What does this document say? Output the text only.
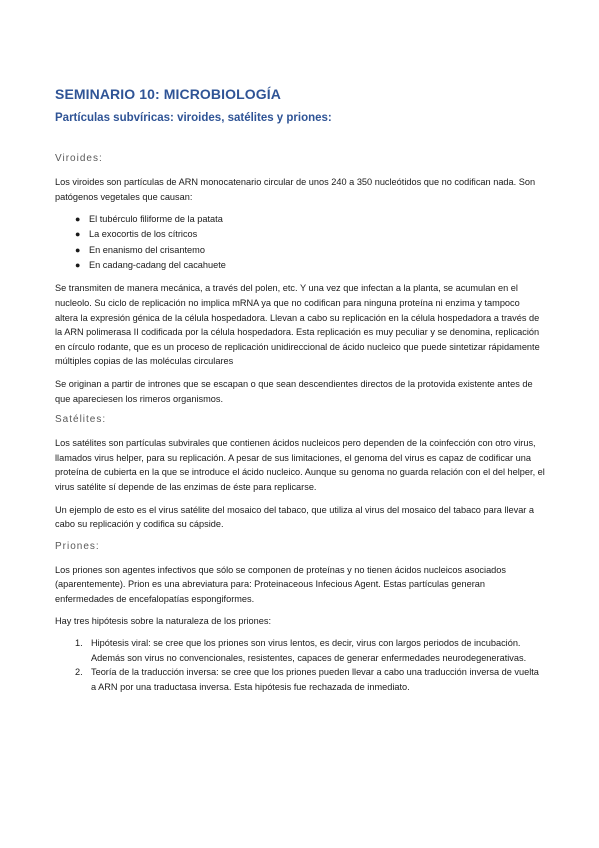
SEMINARIO 10: MICROBIOLOGÍA
Partículas subvíricas: viroides, satélites y priones:
Viroides:

Los viroides son partículas de ARN monocatenario circular de unos 240 a 350 nucleótidos que no codifican nada. Son patógenos vegetales que causan:

● El tubérculo filiforme de la patata
● La exocortis de los cítricos
● En enanismo del crisantemo
● En cadang-cadang del cacahuete

Se transmiten de manera mecánica, a través del polen, etc. Y una vez que infectan a la planta, se acumulan en el nucleolo. Su ciclo de replicación no implica mRNA ya que no codifican para ninguna proteína ni enzima y tampoco altera la expresión génica de la célula hospedadora. Llevan a cabo su replicación en la célula hospedadora a través de la ARN polimerasa II codificada por la célula hospedadora. Esta replicación es muy peculiar y se denomina, replicación en círculo rodante, que es un proceso de replicación unidireccional de ácido nucleico que puede sintetizar rápidamente múltiples copias de las moléculas circulares

Se originan a partir de intrones que se escapan o que sean descendientes directos de la protovida existente antes de que apareciesen los rimeros organismos.

Satélites:

Los satélites son partículas subvirales que contienen ácidos nucleicos pero dependen de la coinfección con otro virus, llamados virus helper, para su replicación. A pesar de sus limitaciones, el genoma del virus es capaz de codificar una proteína de cubierta en la que se introduce el ácido nucleico. Aunque su genoma no guarda relación con el del helper, el virus satélite sí depende de las enzimas de éste para replicarse.

Un ejemplo de esto es el virus satélite del mosaico del tabaco, que utiliza al virus del mosaico del tabaco para llevar a cabo su replicación y codifica su cápside.

Priones:

Los priones son agentes infectivos que sólo se componen de proteínas y no tienen ácidos nucleicos asociados (aparentemente). Prion es una abreviatura para: Proteinaceous Infecious Agent. Estas partículas generan enfermedades de encefalopatías espongiformes.

Hay tres hipótesis sobre la naturaleza de los priones:

1. Hipótesis viral: se cree que los priones son virus lentos, es decir, virus con largos periodos de incubación. Además son virus no convencionales, resistentes, capaces de generar enfermedades neurodegenerativas.
2. Teoría de la traducción inversa: se cree que los priones pueden llevar a cabo una traducción inversa de vuelta a ARN por una traductasa inversa. Esta hipótesis fue rechazada de inmediato.
